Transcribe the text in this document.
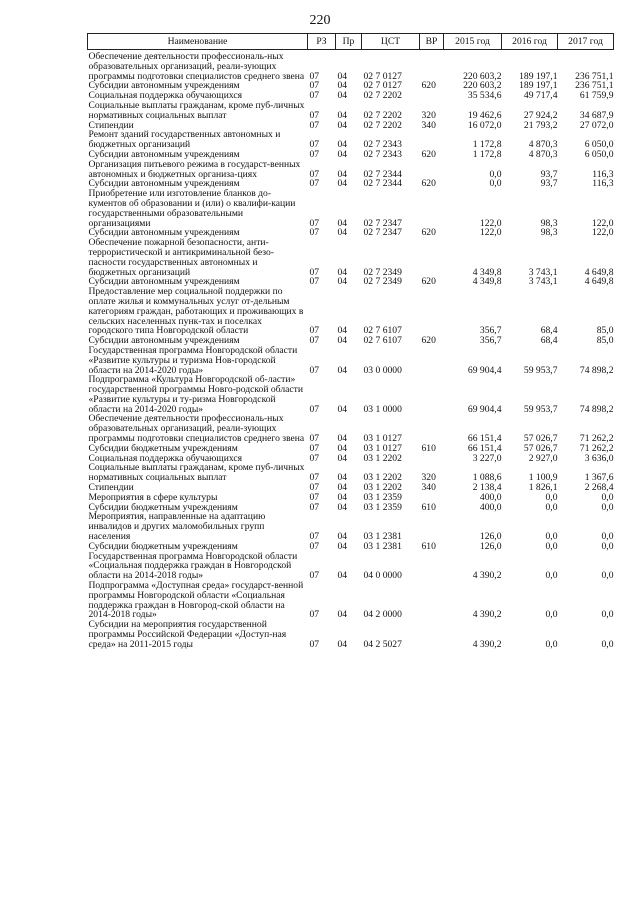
220
Наименование	РЗ	Пр	ЦСТ	ВР	2015 год	2016 год	2017 год
Обеспечение деятельности профессиональ-ных образовательных организаций, реали-зующих программы подготовки специалистов среднего звена	07	04	02 7 0127		220 603,2	189 197,1	236 751,1
Субсидии автономным учреждениям	07	04	02 7 0127	620	220 603,2	189 197,1	236 751,1
Социальная поддержка обучающихся	07	04	02 7 2202		35 534,6	49 717,4	61 759,9
Социальные выплаты гражданам, кроме пуб-личных нормативных социальных выплат	07	04	02 7 2202	320	19 462,6	27 924,2	34 687,9
Стипендии	07	04	02 7 2202	340	16 072,0	21 793,2	27 072,0
Ремонт зданий государственных автономных и бюджетных организаций	07	04	02 7 2343		1 172,8	4 870,3	6 050,0
Субсидии автономным учреждениям	07	04	02 7 2343	620	1 172,8	4 870,3	6 050,0
Организация питьевого режима в государст-венных автономных и бюджетных организа-циях	07	04	02 7 2344		0,0	93,7	116,3
Субсидии автономным учреждениям	07	04	02 7 2344	620	0,0	93,7	116,3
Приобретение или изготовление бланков до-кументов об образовании и (или) о квалифи-кации государственными образовательными организациями	07	04	02 7 2347		122,0	98,3	122,0
Субсидии автономным учреждениям	07	04	02 7 2347	620	122,0	98,3	122,0
Обеспечение пожарной безопасности, анти-террористической и антикриминальной безо-пасности государственных автономных и бюджетных организаций	07	04	02 7 2349		4 349,8	3 743,1	4 649,8
Субсидии автономным учреждениям	07	04	02 7 2349	620	4 349,8	3 743,1	4 649,8
Предоставление мер социальной поддержки по оплате жилья и коммунальных услуг от-дельным категориям граждан, работающих и проживающих в сельских населенных пунк-тах и поселках городского типа Новгородской области	07	04	02 7 6107		356,7	68,4	85,0
Субсидии автономным учреждениям	07	04	02 7 6107	620	356,7	68,4	85,0
Государственная программа Новгородской области «Развитие культуры и туризма Нов-городской области на 2014-2020 годы»	07	04	03 0 0000		69 904,4	59 953,7	74 898,2
Подпрограмма «Культура Новгородской об-ласти» государственной программы Новго-родской области «Развитие культуры и ту-ризма Новгородской области на 2014-2020 годы»	07	04	03 1 0000		69 904,4	59 953,7	74 898,2
Обеспечение деятельности профессиональ-ных образовательных организаций, реали-зующих программы подготовки специалистов среднего звена	07	04	03 1 0127		66 151,4	57 026,7	71 262,2
Субсидии бюджетным учреждениям	07	04	03 1 0127	610	66 151,4	57 026,7	71 262,2
Социальная поддержка обучающихся	07	04	03 1 2202		3 227,0	2 927,0	3 636,0
Социальные выплаты гражданам, кроме пуб-личных нормативных социальных выплат	07	04	03 1 2202	320	1 088,6	1 100,9	1 367,6
Стипендии	07	04	03 1 2202	340	2 138,4	1 826,1	2 268,4
Мероприятия в сфере культуры	07	04	03 1 2359		400,0	0,0	0,0
Субсидии бюджетным учреждениям	07	04	03 1 2359	610	400,0	0,0	0,0
Мероприятия, направленные на адаптацию инвалидов и других маломобильных групп населения	07	04	03 1 2381		126,0	0,0	0,0
Субсидии бюджетным учреждениям	07	04	03 1 2381	610	126,0	0,0	0,0
Государственная программа Новгородской области «Социальная поддержка граждан в Новгородской области на 2014-2018 годы»	07	04	04 0 0000		4 390,2	0,0	0,0
Подпрограмма «Доступная среда» государст-венной программы Новгородской области «Социальная поддержка граждан в Новгород-ской области на 2014-2018 годы»	07	04	04 2 0000		4 390,2	0,0	0,0
Субсидии на мероприятия государственной программы Российской Федерации «Доступ-ная среда» на 2011-2015 годы	07	04	04 2 5027		4 390,2	0,0	0,0
